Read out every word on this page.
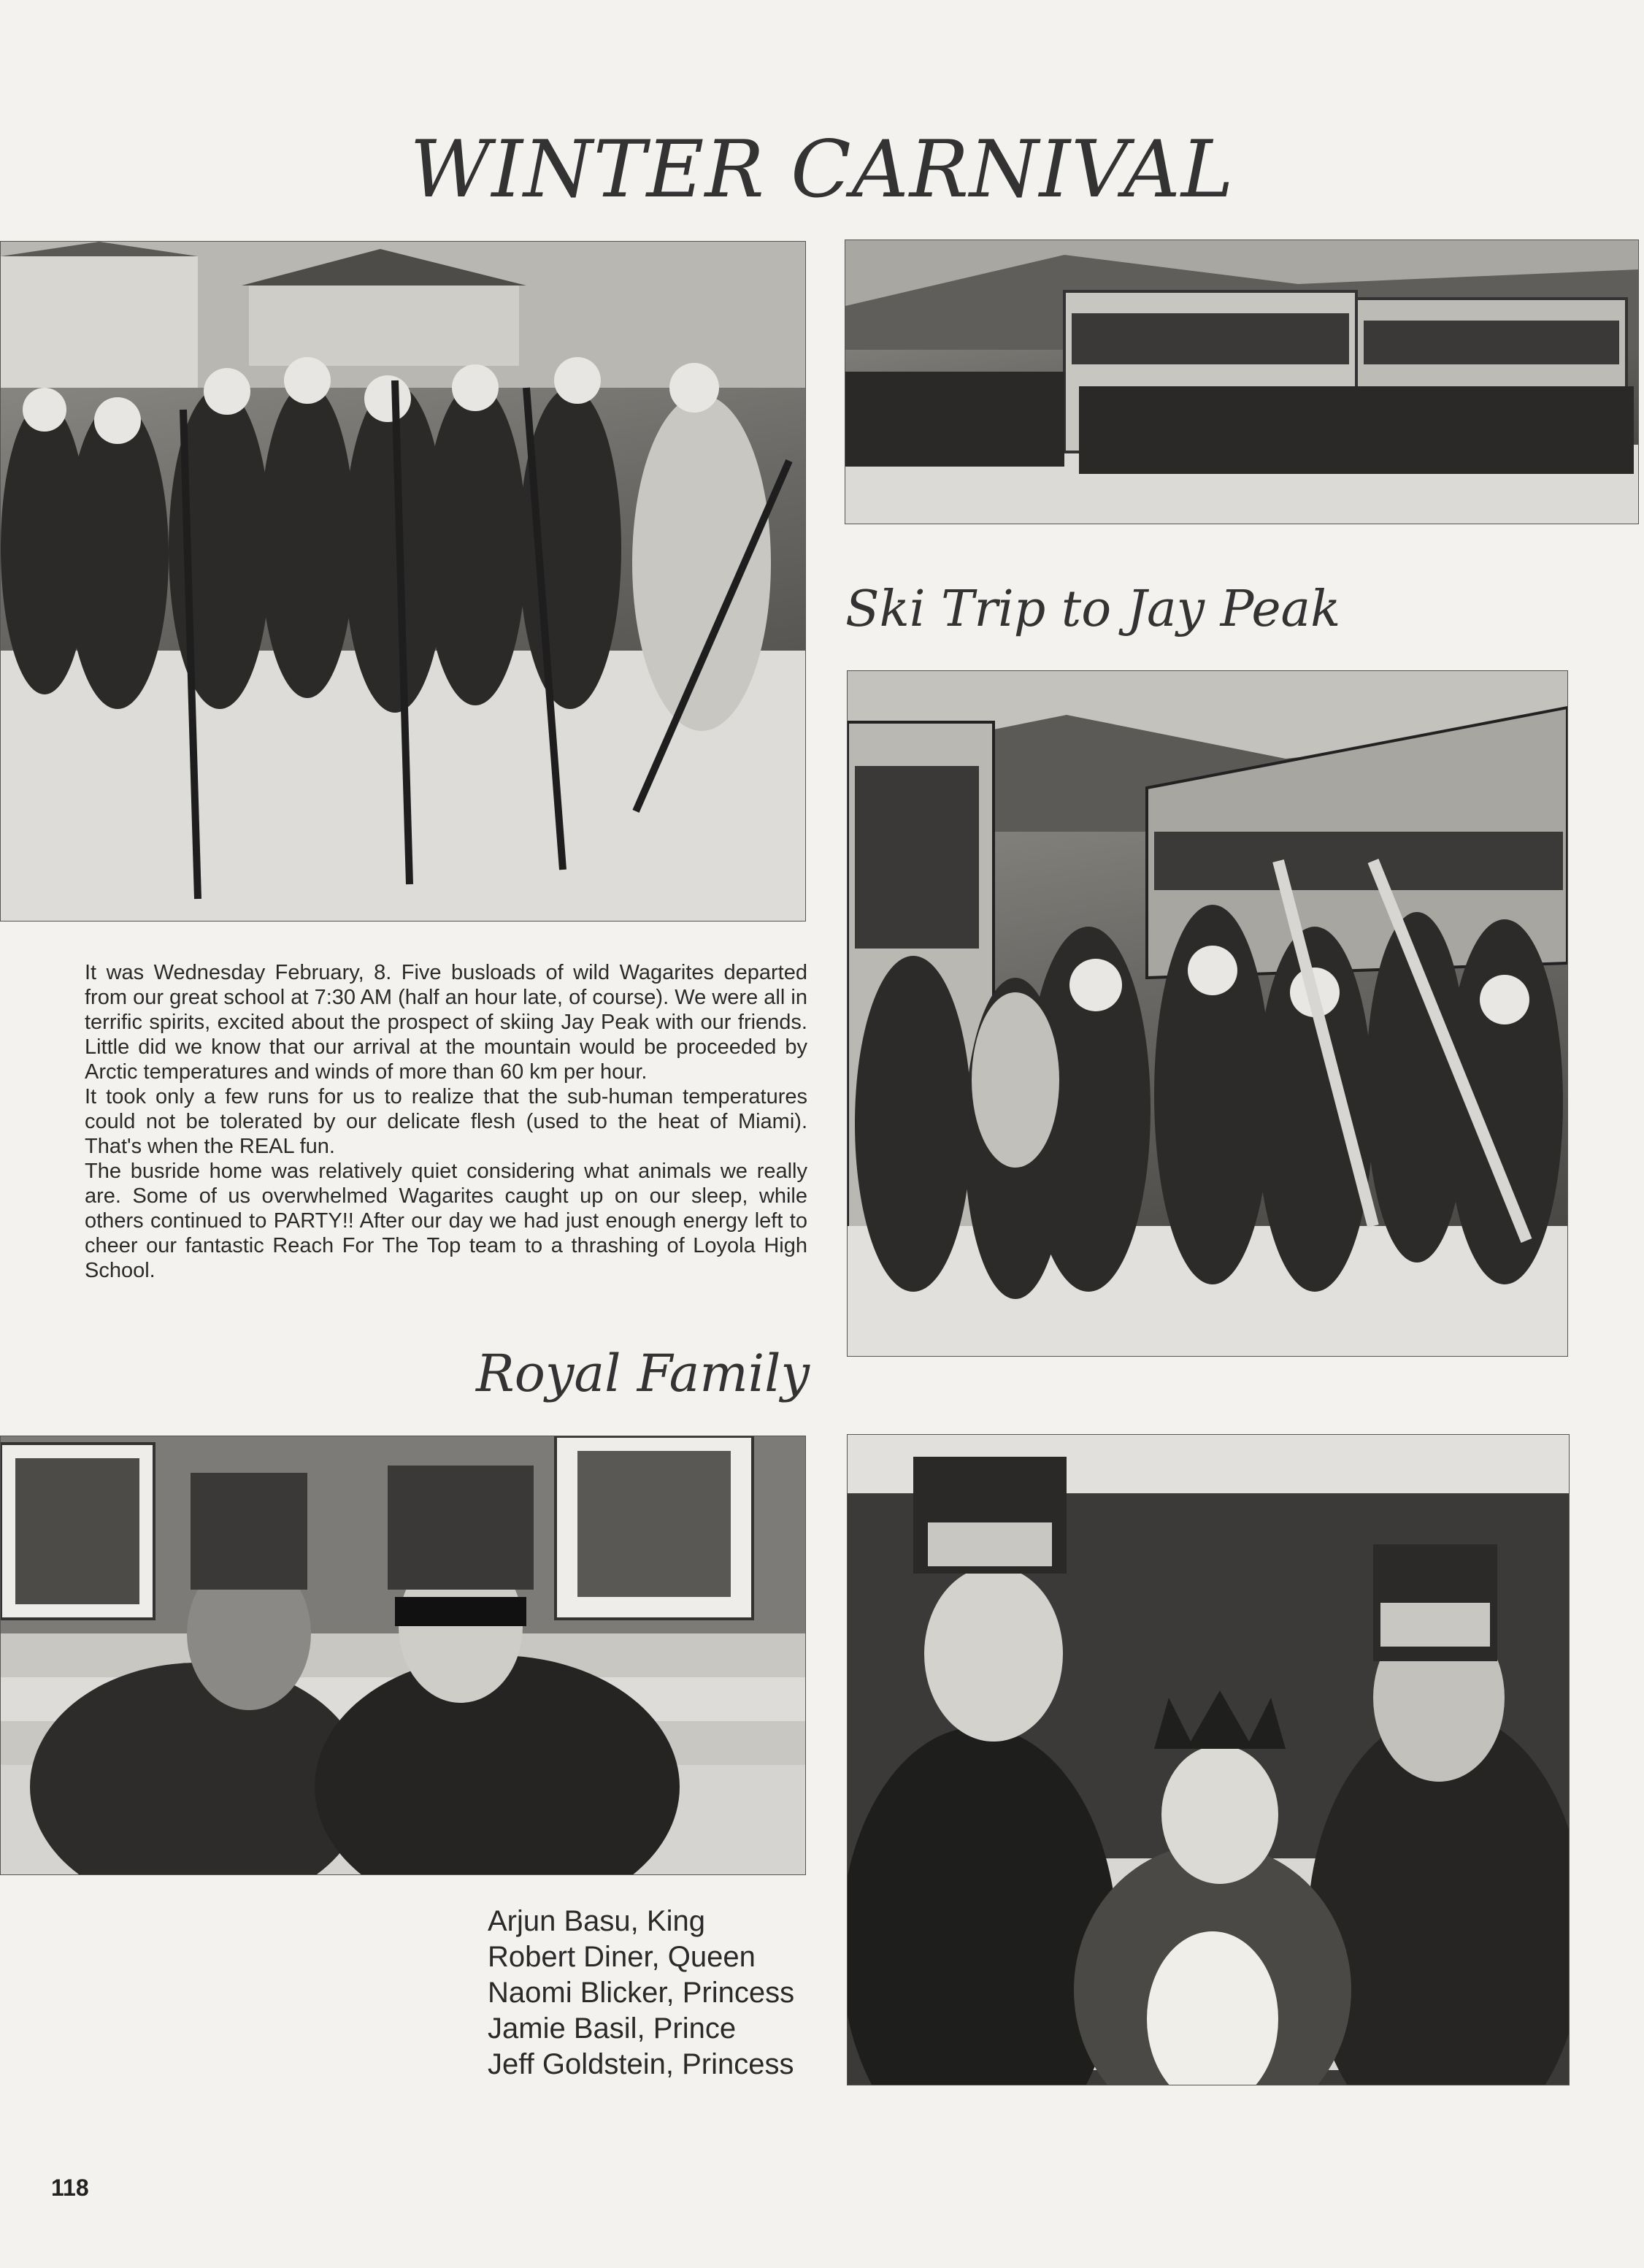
WINTER CARNIVAL
Ski Trip to Jay Peak

It was Wednesday February, 8. Five busloads of wild Wagarites departed from our great school at 7:30 AM (half an hour late, of course). We were all in terrific spirits, excited about the prospect of skiing Jay Peak with our friends. Little did we know that our arrival at the mountain would be proceeded by Arctic temperatures and winds of more than 60 km per hour.

It took only a few runs for us to realize that the sub-human temperatures could not be tolerated by our delicate flesh (used to the heat of Miami). That's when the REAL fun.

The busride home was relatively quiet considering what animals we really are. Some of us overwhelmed Wagarites caught up on our sleep, while others continued to PARTY!! After our day we had just enough energy left to cheer our fantastic Reach For The Top team to a thrashing of Loyola High School.

Royal Family
Arjun Basu, King
Robert Diner, Queen
Naomi Blicker, Princess
Jamie Basil, Prince
Jeff Goldstein, Princess
118
